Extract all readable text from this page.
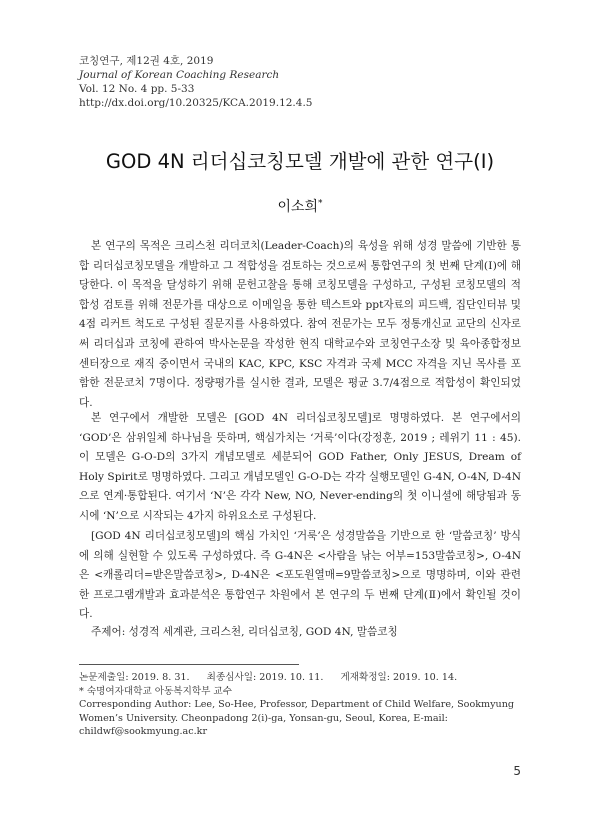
코칭연구, 제12권 4호, 2019
Journal of Korean Coaching Research
Vol. 12 No. 4 pp. 5-33
http://dx.doi.org/10.20325/KCA.2019.12.4.5
GOD 4N 리더십코칭모델 개발에 관한 연구(Ⅰ)
이소희*
본 연구의 목적은 크리스천 리더코치(Leader-Coach)의 육성을 위해 성경 말씀에 기반한 통합 리더십코칭모델을 개발하고 그 적합성을 검토하는 것으로써 통합연구의 첫 번째 단계(Ⅰ)에 해당한다. 이 목적을 달성하기 위해 문헌고찰을 통해 코칭모델을 구성하고, 구성된 코칭모델의 적합성 검토를 위해 전문가를 대상으로 이메일을 통한 텍스트와 ppt자료의 피드백, 집단인터뷰 및 4점 리커트 척도로 구성된 질문지를 사용하였다. 참여 전문가는 모두 정통개신교 교단의 신자로써 리더십과 코칭에 관하여 박사논문을 작성한 현직 대학교수와 코칭연구소장 및 육아종합정보센터장으로 재직 중이면서 국내의 KAC, KPC, KSC 자격과 국제 MCC 자격을 지닌 목사를 포함한 전문코치 7명이다. 정량평가를 실시한 결과, 모델은 평균 3.7/4점으로 적합성이 확인되었다.
본 연구에서 개발한 모델은 [GOD 4N 리더십코칭모델]로 명명하였다. 본 연구에서의 ‘GOD’은 삼위일체 하나님을 뜻하며, 핵심가치는 ‘거룩’이다(강정훈, 2019 ; 레위기 11 : 45). 이 모델은 G-O-D의 3가지 개념모델로 세분되어 GOD Father, Only JESUS, Dream of Holy Spirit로 명명하였다. 그리고 개념모델인 G-O-D는 각각 실행모델인 G-4N, O-4N, D-4N으로 연계·통합된다. 여기서 ‘N’은 각각 New, NO, Never-ending의 첫 이니셜에 해당됨과 동시에 ‘N’으로 시작되는 4가지 하위요소로 구성된다.
[GOD 4N 리더십코칭모델]의 핵심 가치인 ‘거룩’은 성경말씀을 기반으로 한 ‘말씀코칭’ 방식에 의해 실현할 수 있도록 구성하였다. 즉 G-4N은 <사람을 낚는 어부=153말씀코칭>, O-4N은 <캐롤리더=받은말씀코칭>, D-4N은 <포도원열매=9말씀코칭>으로 명명하며, 이와 관련한 프로그램개발과 효과분석은 통합연구 차원에서 본 연구의 두 번째 단계(Ⅱ)에서 확인될 것이다.
주제어: 성경적 세계관, 크리스천, 리더십코칭, GOD 4N, 말씀코칭
논문제출일: 2019. 8. 31. 최종심사일: 2019. 10. 11. 게재확정일: 2019. 10. 14.
* 숙명여자대학교 아동복지학부 교수
Corresponding Author: Lee, So-Hee, Professor, Department of Child Welfare, Sookmyung Women’s University. Cheonpadong 2(i)-ga, Yonsan-gu, Seoul, Korea, E-mail: childwf@sookmyung.ac.kr
5
